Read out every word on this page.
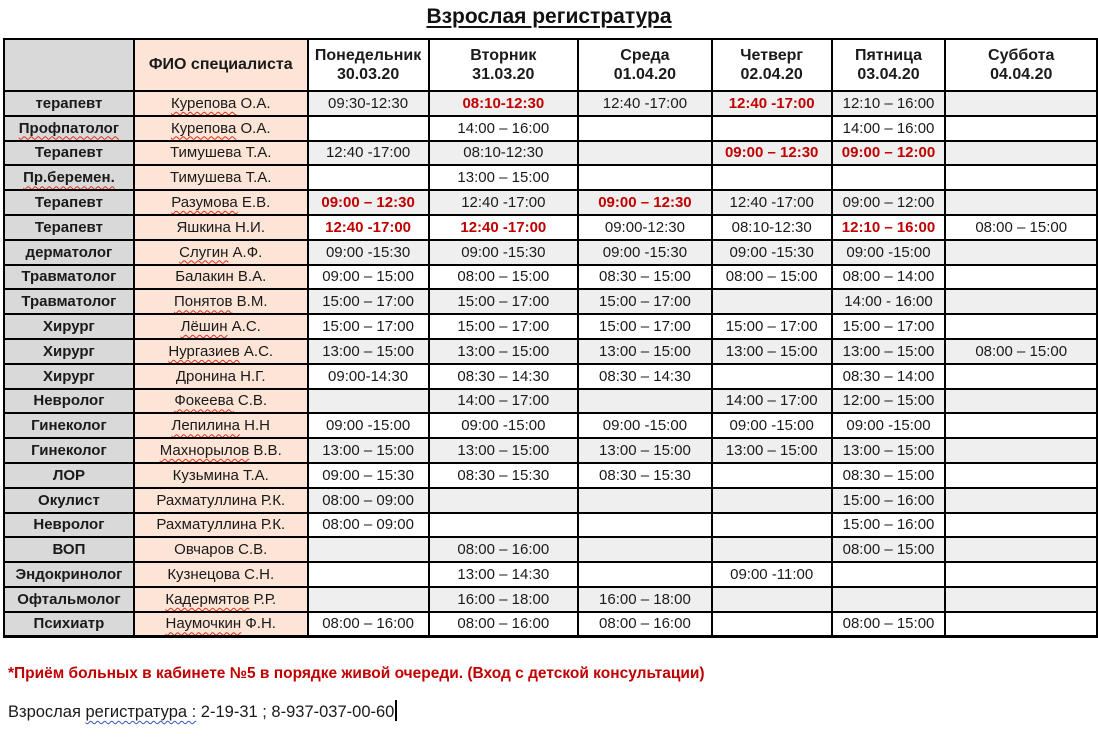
Взрослая регистратура
	ФИО специалиста	
Понедельник
30.03.20

Вторник
31.03.20

Среда
01.04.20

Четверг
02.04.20

Пятница
03.04.20

Суббота
04.04.20

терапевт	Курепова О.А.	09:30-12:30	08:10-12:30	12:40 -17:00	12:40 -17:00	12:10 – 16:00	
Профпатолог	Курепова О.А.		14:00 – 16:00			14:00 – 16:00	
Терапевт	Тимушева Т.А.	12:40 -17:00	08:10-12:30		09:00 – 12:30	09:00 – 12:00	
Пр.беремен.	Тимушева Т.А.		13:00 – 15:00				
Терапевт	Разумова Е.В.	09:00 – 12:30	12:40 -17:00	09:00 – 12:30	12:40 -17:00	09:00 – 12:00	
Терапевт	Яшкина Н.И.	12:40 -17:00	12:40 -17:00	09:00-12:30	08:10-12:30	12:10 – 16:00	08:00 – 15:00
дерматолог	Слугин А.Ф.	09:00 -15:30	09:00 -15:30	09:00 -15:30	09:00 -15:30	09:00 -15:00	
Травматолог	Балакин В.А.	09:00 – 15:00	08:00 – 15:00	08:30 – 15:00	08:00 – 15:00	08:00 – 14:00	
Травматолог	Понятов В.М.	15:00 – 17:00	15:00 – 17:00	15:00 – 17:00		14:00 - 16:00	
Хирург	Лёшин А.С.	15:00 – 17:00	15:00 – 17:00	15:00 – 17:00	15:00 – 17:00	15:00 – 17:00	
Хирург	Нургазиев А.С.	13:00 – 15:00	13:00 – 15:00	13:00 – 15:00	13:00 – 15:00	13:00 – 15:00	08:00 – 15:00
Хирург	Дронина Н.Г.	09:00-14:30	08:30 – 14:30	08:30 – 14:30		08:30 – 14:00	
Невролог	Фокеева С.В.		14:00 – 17:00		14:00 – 17:00	12:00 – 15:00	
Гинеколог	Лепилина Н.Н	09:00 -15:00	09:00 -15:00	09:00 -15:00	09:00 -15:00	09:00 -15:00	
Гинеколог	Махнорылов В.В.	13:00 – 15:00	13:00 – 15:00	13:00 – 15:00	13:00 – 15:00	13:00 – 15:00	
ЛОР	Кузьмина Т.А.	09:00 – 15:30	08:30 – 15:30	08:30 – 15:30		08:30 – 15:00	
Окулист	Рахматуллина Р.К.	08:00 – 09:00				15:00 – 16:00	
Невролог	Рахматуллина Р.К.	08:00 – 09:00				15:00 – 16:00	
ВОП	Овчаров С.В.		08:00 – 16:00			08:00 – 15:00	
Эндокринолог	Кузнецова С.Н.		13:00 – 14:30		09:00 -11:00		
Офтальмолог	Кадермятов Р.Р.		16:00 – 18:00	16:00 – 18:00			
Психиатр	Наумочкин Ф.Н.	08:00 – 16:00	08:00 – 16:00	08:00 – 16:00		08:00 – 15:00	
*Приём больных в кабинете №5 в порядке живой очереди. (Вход с детской консультации)
Взрослая регистратура : 2-19-31 ; 8-937-037-00-60
